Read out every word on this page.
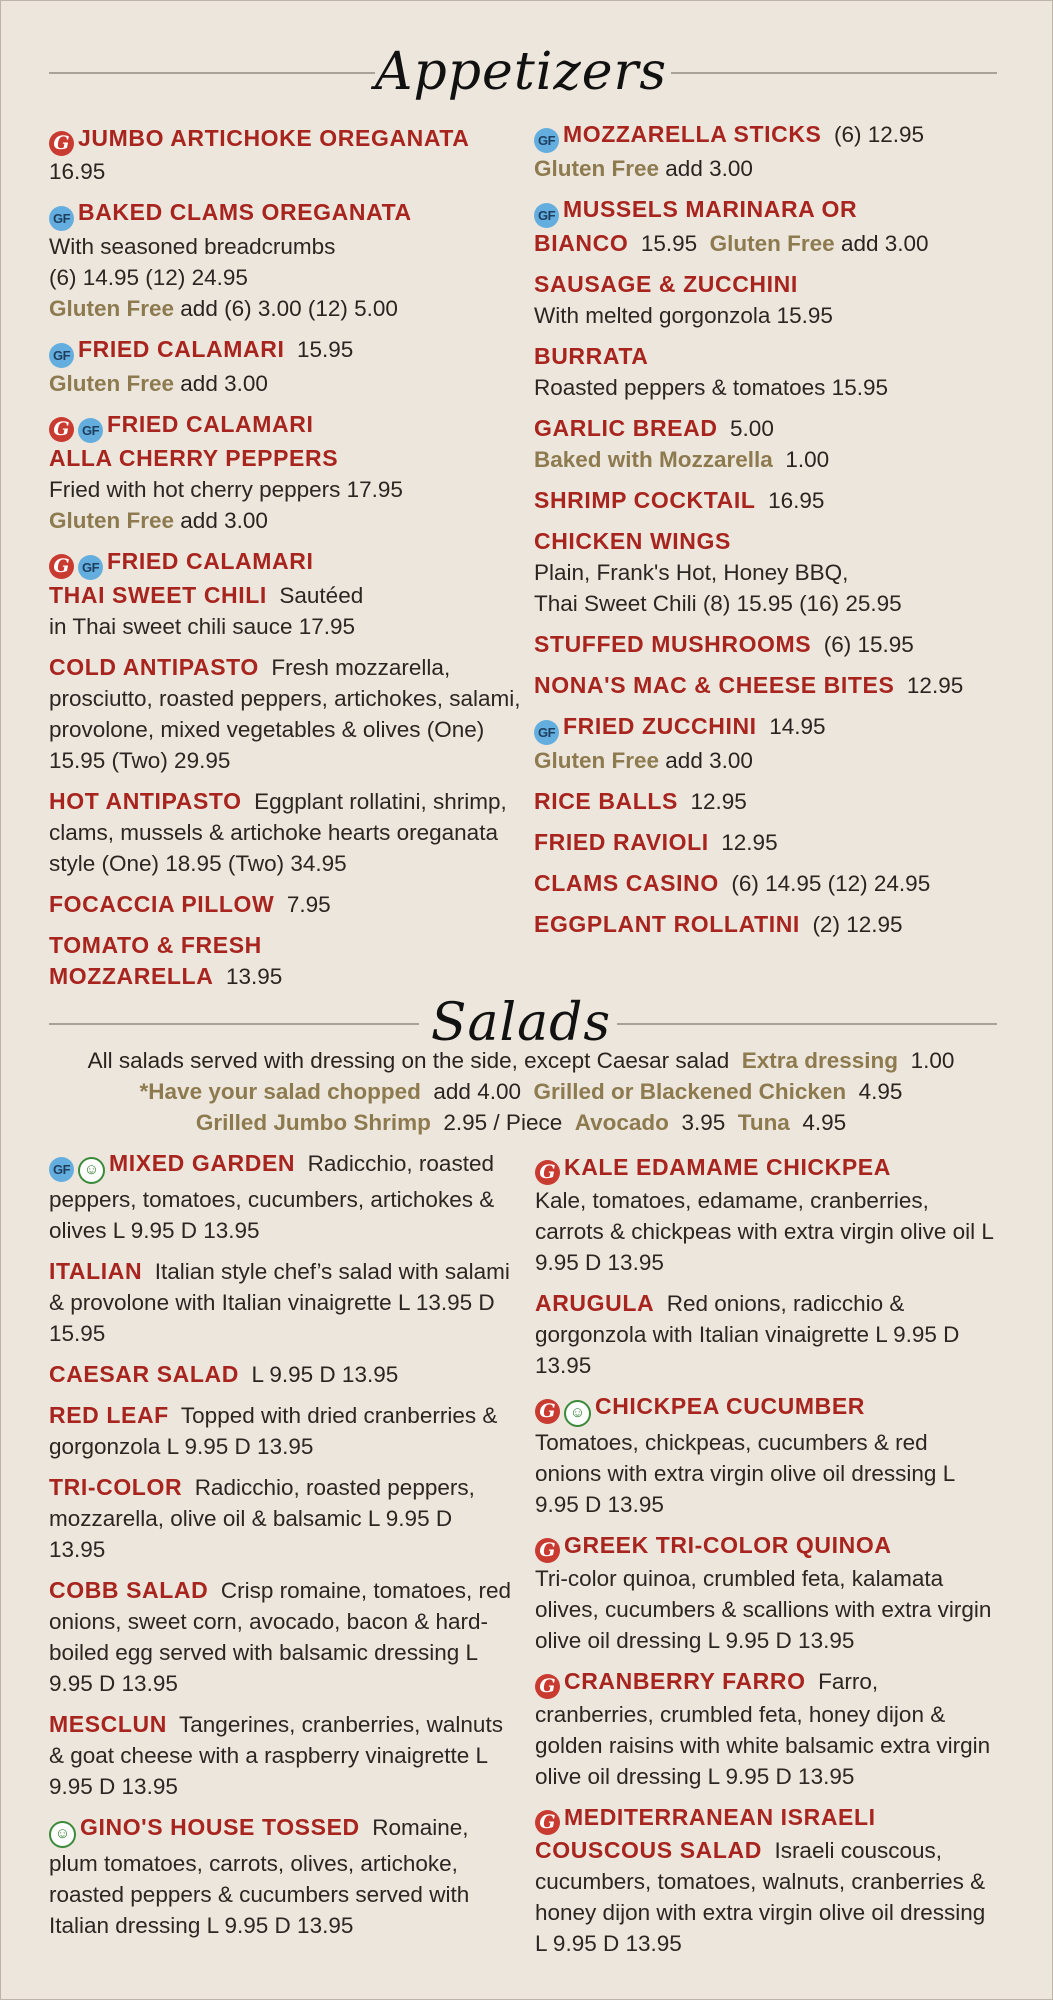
Appetizers
G JUMBO ARTICHOKE OREGANATA  16.95
GF BAKED CLAMS OREGANATA
With seasoned breadcrumbs
(6) 14.95 (12) 24.95
Gluten Free add (6) 3.00 (12) 5.00
GF FRIED CALAMARI 15.95
Gluten Free add 3.00
G GF FRIED CALAMARI
ALLA CHERRY PEPPERS
Fried with hot cherry peppers 17.95
Gluten Free add 3.00
G GF FRIED CALAMARI
THAI SWEET CHILI Sautéed
in Thai sweet chili sauce 17.95
COLD ANTIPASTO Fresh mozzarella, prosciutto, roasted peppers, artichokes, salami, provolone, mixed vegetables & olives (One) 15.95 (Two) 29.95
HOT ANTIPASTO Eggplant rollatini, shrimp, clams, mussels & artichoke hearts oreganata style (One) 18.95 (Two) 34.95
FOCACCIA PILLOW 7.95
TOMATO & FRESH
MOZZARELLA 13.95
GF MOZZARELLA STICKS (6) 12.95
Gluten Free add 3.00
GF MUSSELS MARINARA OR
BIANCO 15.95 Gluten Free add 3.00
SAUSAGE & ZUCCHINI
With melted gorgonzola 15.95
BURRATA
Roasted peppers & tomatoes 15.95
GARLIC BREAD 5.00
Baked with Mozzarella 1.00
SHRIMP COCKTAIL 16.95
CHICKEN WINGS
Plain, Frank's Hot, Honey BBQ,
Thai Sweet Chili (8) 15.95 (16) 25.95
STUFFED MUSHROOMS (6) 15.95
NONA'S MAC & CHEESE BITES 12.95
GF FRIED ZUCCHINI 14.95
Gluten Free add 3.00
RICE BALLS 12.95
FRIED RAVIOLI 12.95
CLAMS CASINO (6) 14.95 (12) 24.95
EGGPLANT ROLLATINI (2) 12.95
Salads
All salads served with dressing on the side, except Caesar salad Extra dressing 1.00
*Have your salad chopped add 4.00 Grilled or Blackened Chicken 4.95
Grilled Jumbo Shrimp 2.95 / Piece Avocado 3.95 Tuna 4.95
GF ☺ MIXED GARDEN Radicchio, roasted peppers, tomatoes, cucumbers, artichokes & olives L 9.95 D 13.95
ITALIAN Italian style chef’s salad with salami & provolone with Italian vinaigrette L 13.95 D 15.95
CAESAR SALAD L 9.95 D 13.95
RED LEAF Topped with dried cranberries & gorgonzola L 9.95 D 13.95
TRI-COLOR Radicchio, roasted peppers, mozzarella, olive oil & balsamic L 9.95 D 13.95
COBB SALAD Crisp romaine, tomatoes, red onions, sweet corn, avocado, bacon & hard-boiled egg served with balsamic dressing L 9.95 D 13.95
MESCLUN Tangerines, cranberries, walnuts & goat cheese with a raspberry vinaigrette L 9.95 D 13.95
☺ GINO'S HOUSE TOSSED Romaine, plum tomatoes, carrots, olives, artichoke, roasted peppers & cucumbers served with Italian dressing L 9.95 D 13.95
G KALE EDAMAME CHICKPEA
Kale, tomatoes, edamame, cranberries, carrots & chickpeas with extra virgin olive oil L 9.95 D 13.95
ARUGULA Red onions, radicchio & gorgonzola with Italian vinaigrette L 9.95 D 13.95
G ☺ CHICKPEA CUCUMBER
Tomatoes, chickpeas, cucumbers & red onions with extra virgin olive oil dressing L 9.95 D 13.95
G GREEK TRI-COLOR QUINOA
Tri-color quinoa, crumbled feta, kalamata olives, cucumbers & scallions with extra virgin olive oil dressing L 9.95 D 13.95
G CRANBERRY FARRO Farro, cranberries, crumbled feta, honey dijon & golden raisins with white balsamic extra virgin olive oil dressing L 9.95 D 13.95
G MEDITERRANEAN ISRAELI
COUSCOUS SALAD Israeli couscous, cucumbers, tomatoes, walnuts, cranberries & honey dijon with extra virgin olive oil dressing L 9.95 D 13.95
